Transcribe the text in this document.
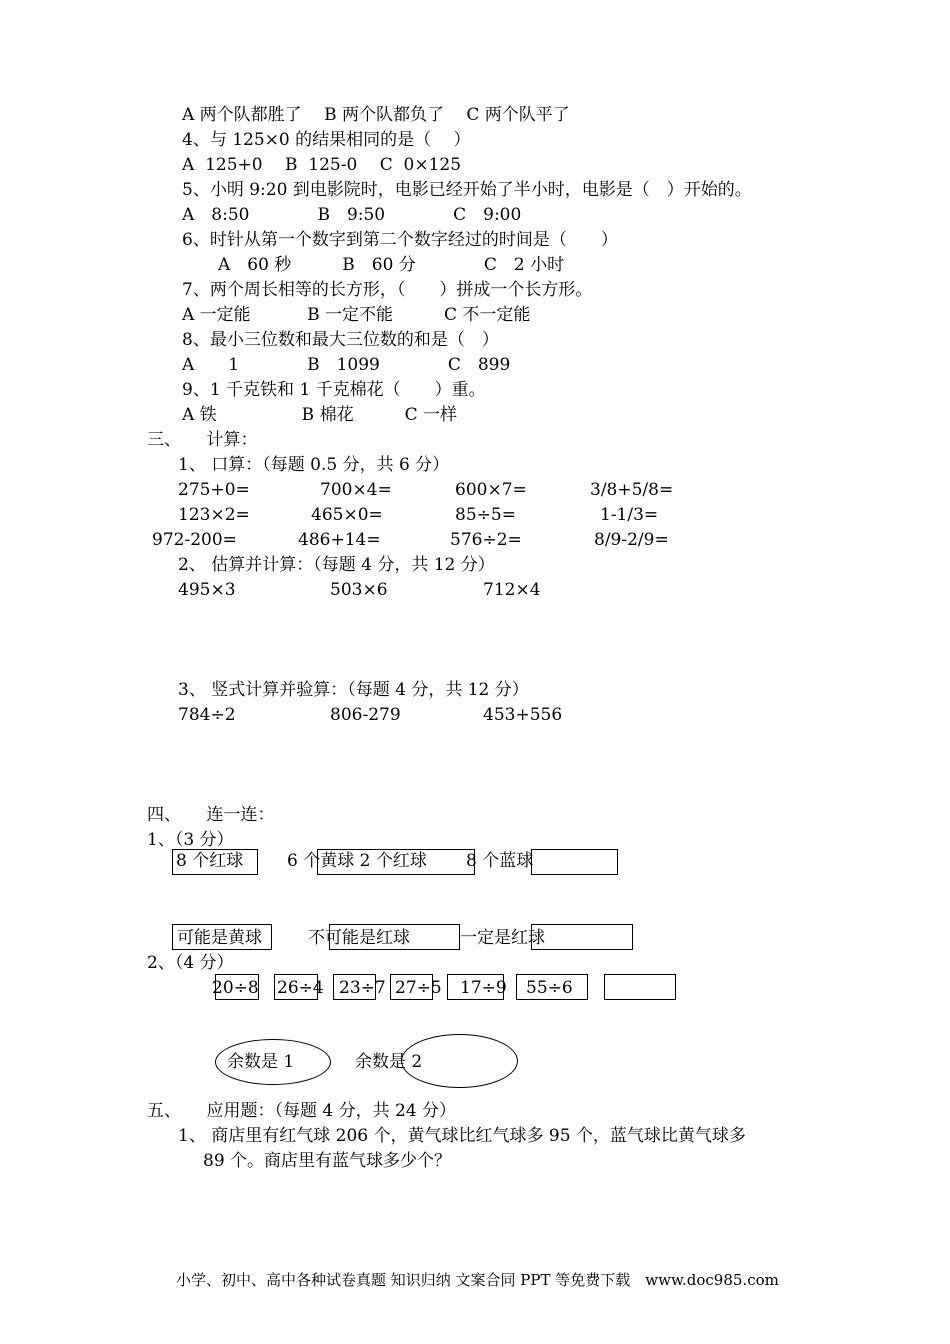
A 两个队都胜了　 B 两个队都负了　 C 两个队平了
4、与 125×0 的结果相同的是（　 ）
A  125+0　 B  125-0　 C  0×125
5、小明 9:20 到电影院时，电影已经开始了半小时，电影是（　）开始的。
A　8:50　　　　B　9:50　　　　C　9:00
6、时针从第一个数字到第二个数字经过的时间是（　　）
A　60 秒　　　B　60 分　　　　C　2 小时
7、两个周长相等的长方形，（　　）拼成一个长方形。
A 一定能　　　 B 一定不能　　　C 不一定能
8、最小三位数和最大三位数的和是（　）
A　　1　　　　B　1099　　　　C　899
9、1 千克铁和 1 千克棉花（　　）重。
A 铁　　　　　B 棉花　　　C 一样
三、　　计算：
1、 口算：（每题 0.5 分，共 6 分）
275+0=	700×4=	600×7=	3/8+5/8=
123×2=	465×0=	85÷5=	1-1/3=
972-200=	486+14=	576÷2=	8/9-2/9=
2、 估算并计算：（每题 4 分，共 12 分）
495×3	503×6	712×4
3、 竖式计算并验算：（每题 4 分，共 12 分）
784÷2	806-279	453+556
四、　　连一连：
1、（3 分）
8 个红球	6 个黄球 2 个红球 8 个蓝球
可能是黄球	不可能是红球	一定是红球
2、（4 分）
20÷8 26÷4 23÷7 27÷5 17÷9 55÷6
余数是 1	余数是 2
五、　　应用题：（每题 4 分，共 24 分）
1、 商店里有红气球 206 个，黄气球比红气球多 95 个，蓝气球比黄气球多
89 个。商店里有蓝气球多少个？
小学、初中、高中各种试卷真题 知识归纳 文案合同 PPT 等免费下载　www.doc985.com
